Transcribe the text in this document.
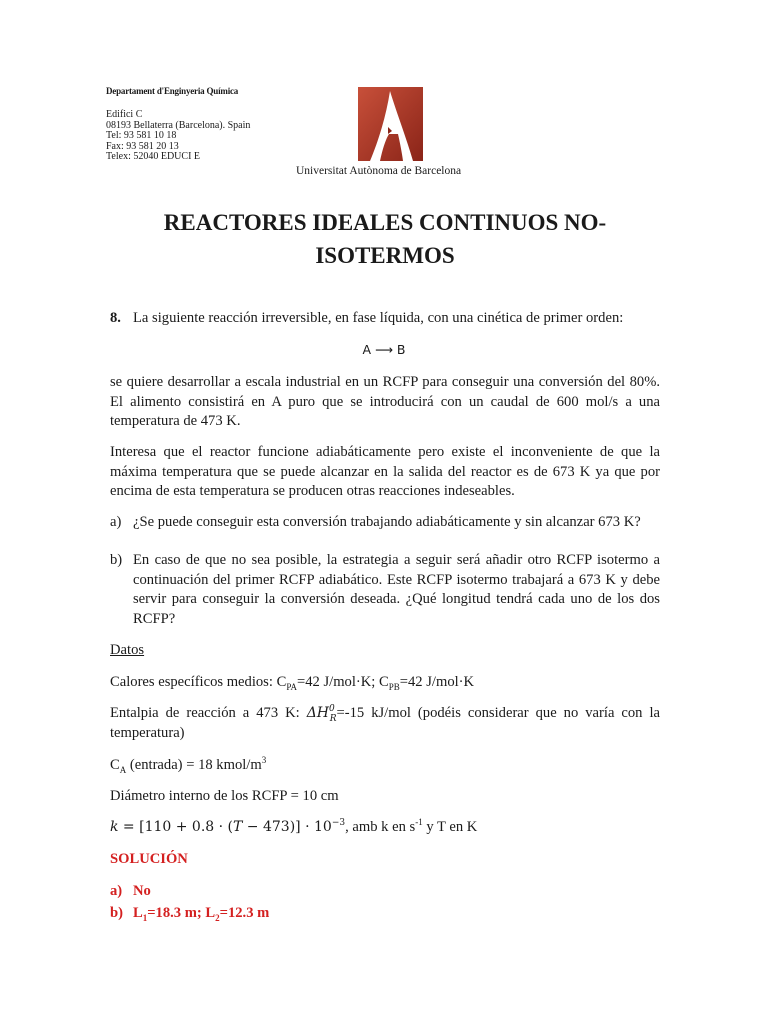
Departament d'Enginyeria Química
Edifici C
08193 Bellaterra (Barcelona). Spain
Tel: 93 581 10 18
Fax: 93 581 20 13
Telex: 52040 EDUCI E
Universitat Autònoma de Barcelona
REACTORES IDEALES CONTINUOS NO-
ISOTERMOS
8. La siguiente reacción irreversible, en fase líquida, con una cinética de primer orden:
A ⟶ B
se quiere desarrollar a escala industrial en un RCFP para conseguir una conversión del 80%. El alimento consistirá en A puro que se introducirá con un caudal de 600 mol/s a una temperatura de 473 K.
Interesa que el reactor funcione adiabáticamente pero existe el inconveniente de que la máxima temperatura que se puede alcanzar en la salida del reactor es de 673 K ya que por encima de esta temperatura se producen otras reacciones indeseables.
a) ¿Se puede conseguir esta conversión trabajando adiabáticamente y sin alcanzar 673 K?
b) En caso de que no sea posible, la estrategia a seguir será añadir otro RCFP isotermo a continuación del primer RCFP adiabático. Este RCFP isotermo trabajará a 673 K y debe servir para conseguir la conversión deseada. ¿Qué longitud tendrá cada uno de los dos RCFP?
Datos
Calores específicos medios: $C_{PA}=42$ J/mol·K; $C_{PB}=42$ J/mol·K
Entalpia de reacción a 473 K: $\Delta H^0_R=-15$ kJ/mol (podéis considerar que no varía con la temperatura)
$C_A$ (entrada) = 18 kmol/$m^3$
Diámetro interno de los RCFP = 10 cm
$k = [110 + 0.8 \cdot (T - 473)] \cdot 10^{-3}$, amb k en $s^{-1}$ y T en K
SOLUCIÓN
a) No
b) $L_1=18.3$ m; $L_2=12.3$ m
